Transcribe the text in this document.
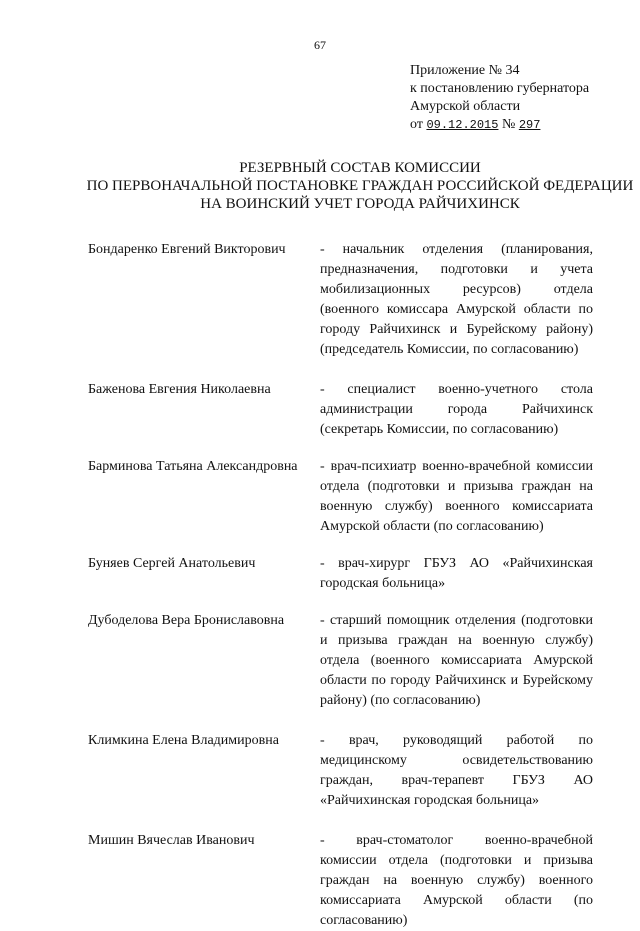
67
Приложение № 34
к постановлению губернатора
Амурской области
от 09.12.2015 № 297
РЕЗЕРВНЫЙ СОСТАВ КОМИССИИ
ПО ПЕРВОНАЧАЛЬНОЙ ПОСТАНОВКЕ ГРАЖДАН РОССИЙСКОЙ ФЕДЕРАЦИИ
НА ВОИНСКИЙ УЧЕТ ГОРОДА РАЙЧИХИНСК
Бондаренко Евгений Викторович	- начальник отделения (планирования, предназначения, подготовки и учета мобилизационных ресурсов) отдела (военного комиссара Амурской области по городу Райчихинск и Бурейскому району) (председатель Комиссии, по согласованию)
Баженова Евгения Николаевна	- специалист военно-учетного стола администрации города Райчихинск (секретарь Комиссии, по согласованию)
Барминова Татьяна Александровна	- врач-психиатр военно-врачебной комиссии отдела (подготовки и призыва граждан на военную службу) военного комиссариата Амурской области (по согласованию)
Буняев Сергей Анатольевич	- врач-хирург ГБУЗ АО «Райчихинская городская больница»
Дубоделова Вера Брониславовна	- старший помощник отделения (подготовки и призыва граждан на военную службу) отдела (военного комиссариата Амурской области по городу Райчихинск и Бурейскому району) (по согласованию)
Климкина Елена Владимировна	- врач, руководящий работой по медицинскому освидетельствованию граждан, врач-терапевт ГБУЗ АО «Райчихинская городская больница»
Мишин Вячеслав Иванович	- врач-стоматолог военно-врачебной комиссии отдела (подготовки и призыва граждан на военную службу) военного комиссариата Амурской области (по согласованию)
